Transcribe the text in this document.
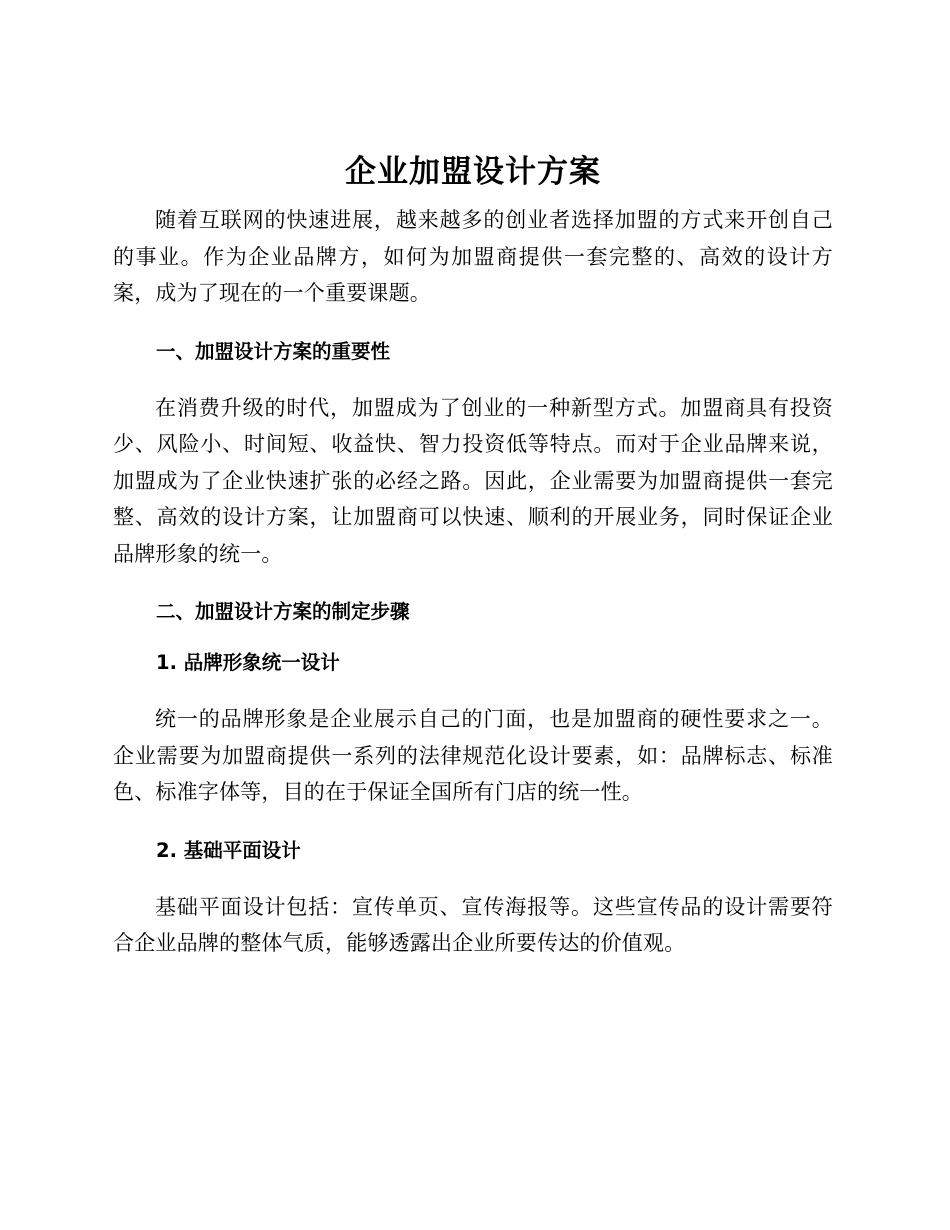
企业加盟设计方案

随着互联网的快速进展，越来越多的创业者选择加盟的方式来开创自己的事业。作为企业品牌方，如何为加盟商提供一套完整的、高效的设计方案，成为了现在的一个重要课题。

一、加盟设计方案的重要性

在消费升级的时代，加盟成为了创业的一种新型方式。加盟商具有投资少、风险小、时间短、收益快、智力投资低等特点。而对于企业品牌来说，加盟成为了企业快速扩张的必经之路。因此，企业需要为加盟商提供一套完整、高效的设计方案，让加盟商可以快速、顺利的开展业务，同时保证企业品牌形象的统一。

二、加盟设计方案的制定步骤
1. 品牌形象统一设计

统一的品牌形象是企业展示自己的门面，也是加盟商的硬性要求之一。企业需要为加盟商提供一系列的法律规范化设计要素，如：品牌标志、标准色、标准字体等，目的在于保证全国所有门店的统一性。

2. 基础平面设计

基础平面设计包括：宣传单页、宣传海报等。这些宣传品的设计需要符合企业品牌的整体气质，能够透露出企业所要传达的价值观。
